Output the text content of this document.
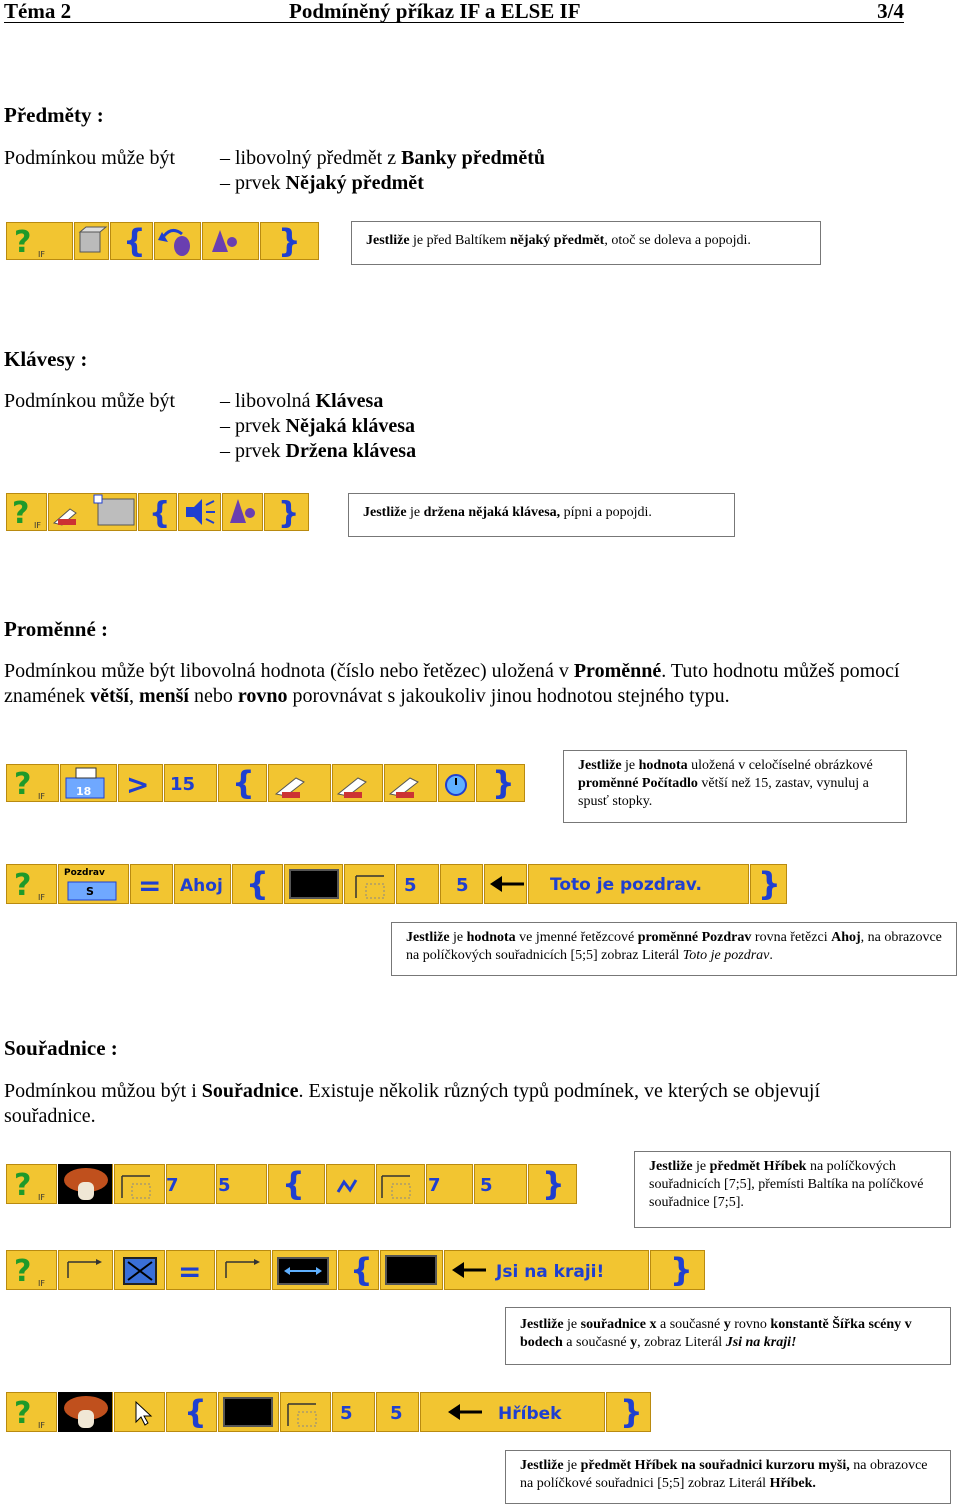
Téma 2	Podmíněný příkaz IF a ELSE IF	3/4
Předměty :
Podmínkou může být – libovolný předmět z Banky předmětů
– prvek Nějaký předmět
? IF {	}	Jestliže je před Baltíkem nějaký předmět, otoč se doleva a popojdi.
Klávesy :
Podmínkou může být – libovolná Klávesa
– prvek Nějaká klávesa
– prvek Držena klávesa
? IF	{	}	Jestliže je držena nějaká klávesa, pípni a popojdi.
Proměnné :
Podmínkou může být libovolná hodnota (číslo nebo řetězec) uložená v Proměnné. Tuto hodnotu můžeš pomocí znamének větší, menší nebo rovno porovnávat s jakoukoliv jinou hodnotou stejného typu.
? IF	18 > 15 {	}	Jestliže je hodnota uložená v celočíselné obrázkové proměnné Počítadlo větší než 15, zastav, vynuluj a spusť stopky.
? IF
Pozdrav
S = Ahoj {	5 5	Toto je pozdrav. }
Jestliže je hodnota ve jmenné řetězcové proměnné Pozdrav rovna řetězci Ahoj, na obrazovce na políčkových souřadnicích [5;5] zobraz Literál Toto je pozdrav.
Souřadnice :
Podmínkou můžou být i Souřadnice. Existuje několik různých typů podmínek, ve kterých se objevují souřadnice.
? IF
7 5 {	7 5 }	Jestliže je předmět Hříbek na políčkových souřadnicích [7;5], přemísti Baltíka na políčkové souřadnice [7;5].
? IF	=	{	Jsi na kraji! }
Jestliže je souřadnice x a současné y rovno konstantě Šířka scény v bodech a současné y, zobraz Literál Jsi na kraji!
? IF	{	5 5	Hříbek }
Jestliže je předmět Hříbek na souřadnici kurzoru myši, na obrazovce na políčkové souřadnici [5;5] zobraz Literál Hříbek.
